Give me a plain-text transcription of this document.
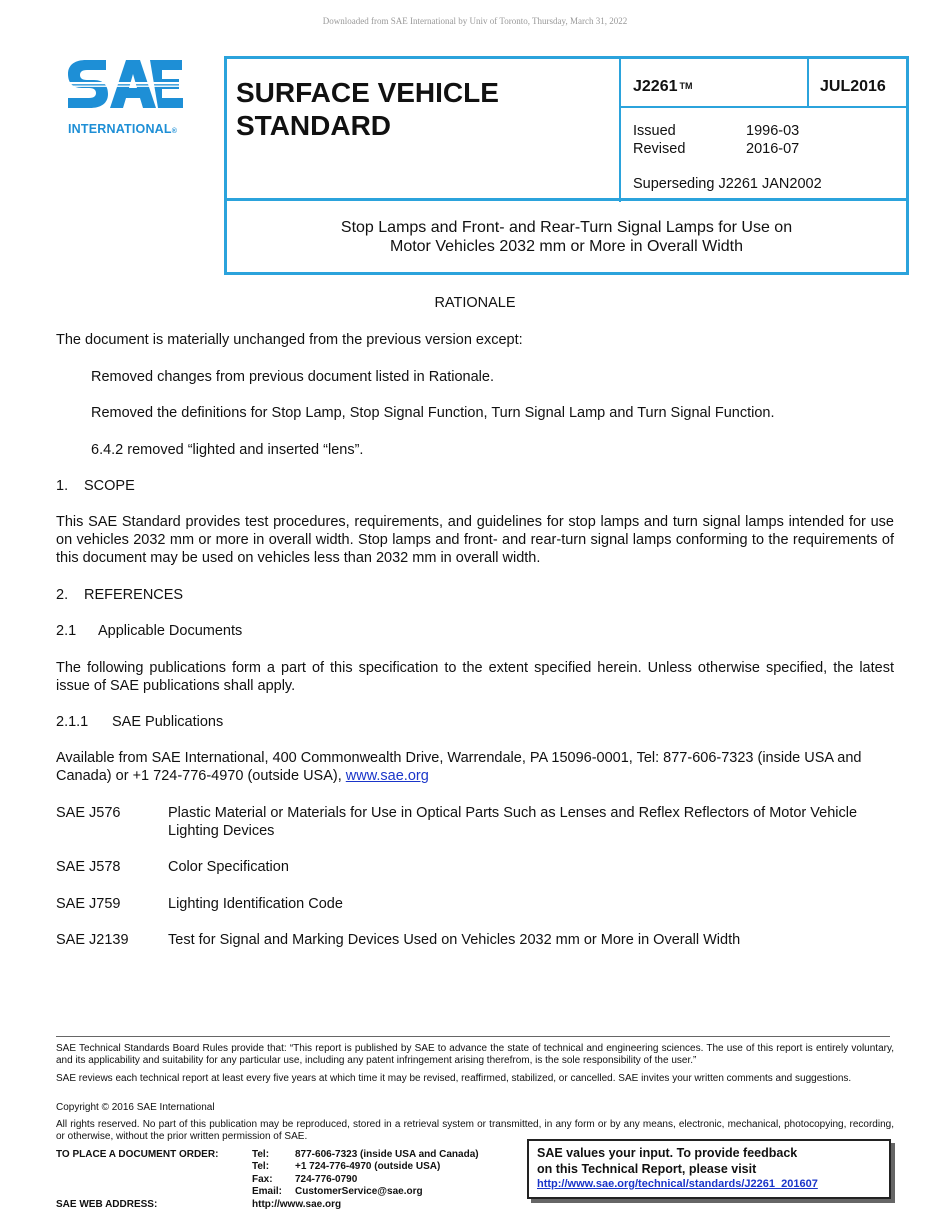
Downloaded from SAE International by Univ of Toronto, Thursday, March 31, 2022
INTERNATIONAL®
SURFACE VEHICLE
STANDARD
J2261 TM	JUL2016
Issued	1996-03
Revised	2016-07
Superseding J2261 JAN2002
Stop Lamps and Front- and Rear-Turn Signal Lamps for Use on
Motor Vehicles 2032 mm or More in Overall Width
RATIONALE
The document is materially unchanged from the previous version except:
Removed changes from previous document listed in Rationale.
Removed the definitions for Stop Lamp, Stop Signal Function, Turn Signal Lamp and Turn Signal Function.
6.4.2 removed “lighted and inserted “lens”.
1. SCOPE
This SAE Standard provides test procedures, requirements, and guidelines for stop lamps and turn signal lamps intended for use on vehicles 2032 mm or more in overall width. Stop lamps and front- and rear-turn signal lamps conforming to the requirements of this document may be used on vehicles less than 2032 mm in overall width.
2. REFERENCES
2.1 Applicable Documents
The following publications form a part of this specification to the extent specified herein. Unless otherwise specified, the latest issue of SAE publications shall apply.
2.1.1 SAE Publications
Available from SAE International, 400 Commonwealth Drive, Warrendale, PA 15096-0001, Tel: 877-606-7323 (inside USA and Canada) or +1 724-776-4970 (outside USA), www.sae.org
SAE J576	Plastic Material or Materials for Use in Optical Parts Such as Lenses and Reflex Reflectors of Motor Vehicle
Lighting Devices
SAE J578	Color Specification
SAE J759	Lighting Identification Code
SAE J2139	Test for Signal and Marking Devices Used on Vehicles 2032 mm or More in Overall Width
SAE Technical Standards Board Rules provide that: “This report is published by SAE to advance the state of technical and engineering sciences. The use of this report is entirely voluntary, and its applicability and suitability for any particular use, including any patent infringement arising therefrom, is the sole responsibility of the user.”
SAE reviews each technical report at least every five years at which time it may be revised, reaffirmed, stabilized, or cancelled. SAE invites your written comments and suggestions.
Copyright © 2016 SAE International
All rights reserved. No part of this publication may be reproduced, stored in a retrieval system or transmitted, in any form or by any means, electronic, mechanical, photocopying, recording, or otherwise, without the prior written permission of SAE.
TO PLACE A DOCUMENT ORDER:	Tel:	877-606-7323 (inside USA and Canada)
Tel:	+1 724-776-4970 (outside USA)
Fax: 724-776-0790
Email: CustomerService@sae.org
SAE WEB ADDRESS:	http://www.sae.org
SAE values your input. To provide feedback
on this Technical Report, please visit
http://www.sae.org/technical/standards/J2261_201607
